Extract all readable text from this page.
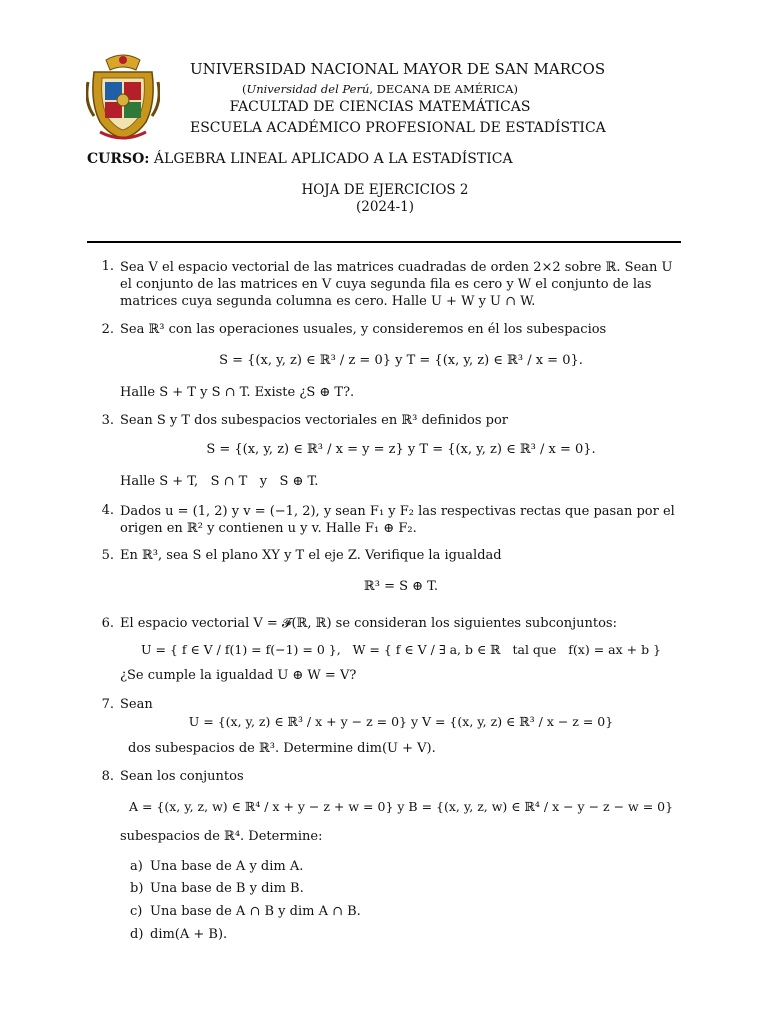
UNIVERSIDAD NACIONAL MAYOR DE SAN MARCOS
(Universidad del Perú, DECANA DE AMÉRICA)
FACULTAD DE CIENCIAS MATEMÁTICAS
ESCUELA ACADÉMICO PROFESIONAL DE ESTADÍSTICA
CURSO: ÁLGEBRA LINEAL APLICADO A LA ESTADÍSTICA
HOJA DE EJERCICIOS 2
(2024-1)
1. Sea V el espacio vectorial de las matrices cuadradas de orden 2×2 sobre ℝ. Sean U el conjunto de las matrices en V cuya segunda fila es cero y W el conjunto de las matrices cuya segunda columna es cero. Halle U + W y U ∩ W.
2. Sea ℝ³ con las operaciones usuales, y consideremos en él los subespacios
S = {(x, y, z) ∈ ℝ³ / z = 0} y T = {(x, y, z) ∈ ℝ³ / x = 0}.
Halle S + T y S ∩ T. Existe ¿S ⊕ T?.
3. Sean S y T dos subespacios vectoriales en ℝ³ definidos por
S = {(x, y, z) ∈ ℝ³ / x = y = z} y T = {(x, y, z) ∈ ℝ³ / x = 0}.
Halle S + T,   S ∩ T   y   S ⊕ T.
4. Dados u = (1, 2) y v = (−1, 2), y sean F₁ y F₂ las respectivas rectas que pasan por el origen en ℝ² y contienen u y v. Halle F₁ ⊕ F₂.
5. En ℝ³, sea S el plano XY y T el eje Z. Verifique la igualdad
ℝ³ = S ⊕ T.
6. El espacio vectorial V = 𝓕(ℝ, ℝ) se consideran los siguientes subconjuntos:
U = { f ∈ V ∕ f(1) = f(−1) = 0 },   W = { f ∈ V ∕ ∃ a, b ∈ ℝ   tal que   f(x) = ax + b }
¿Se cumple la igualdad U ⊕ W = V?
7. Sean
U = {(x, y, z) ∈ ℝ³ / x + y − z = 0} y V = {(x, y, z) ∈ ℝ³ / x − z = 0}
dos subespacios de ℝ³. Determine dim(U + V).
8. Sean los conjuntos
A = {(x, y, z, w) ∈ ℝ⁴ / x + y − z + w = 0} y B = {(x, y, z, w) ∈ ℝ⁴ / x − y − z − w = 0}
subespacios de ℝ⁴. Determine:
a) Una base de A y dim A.
b) Una base de B y dim B.
c) Una base de A ∩ B y dim A ∩ B.
d) dim(A + B).
